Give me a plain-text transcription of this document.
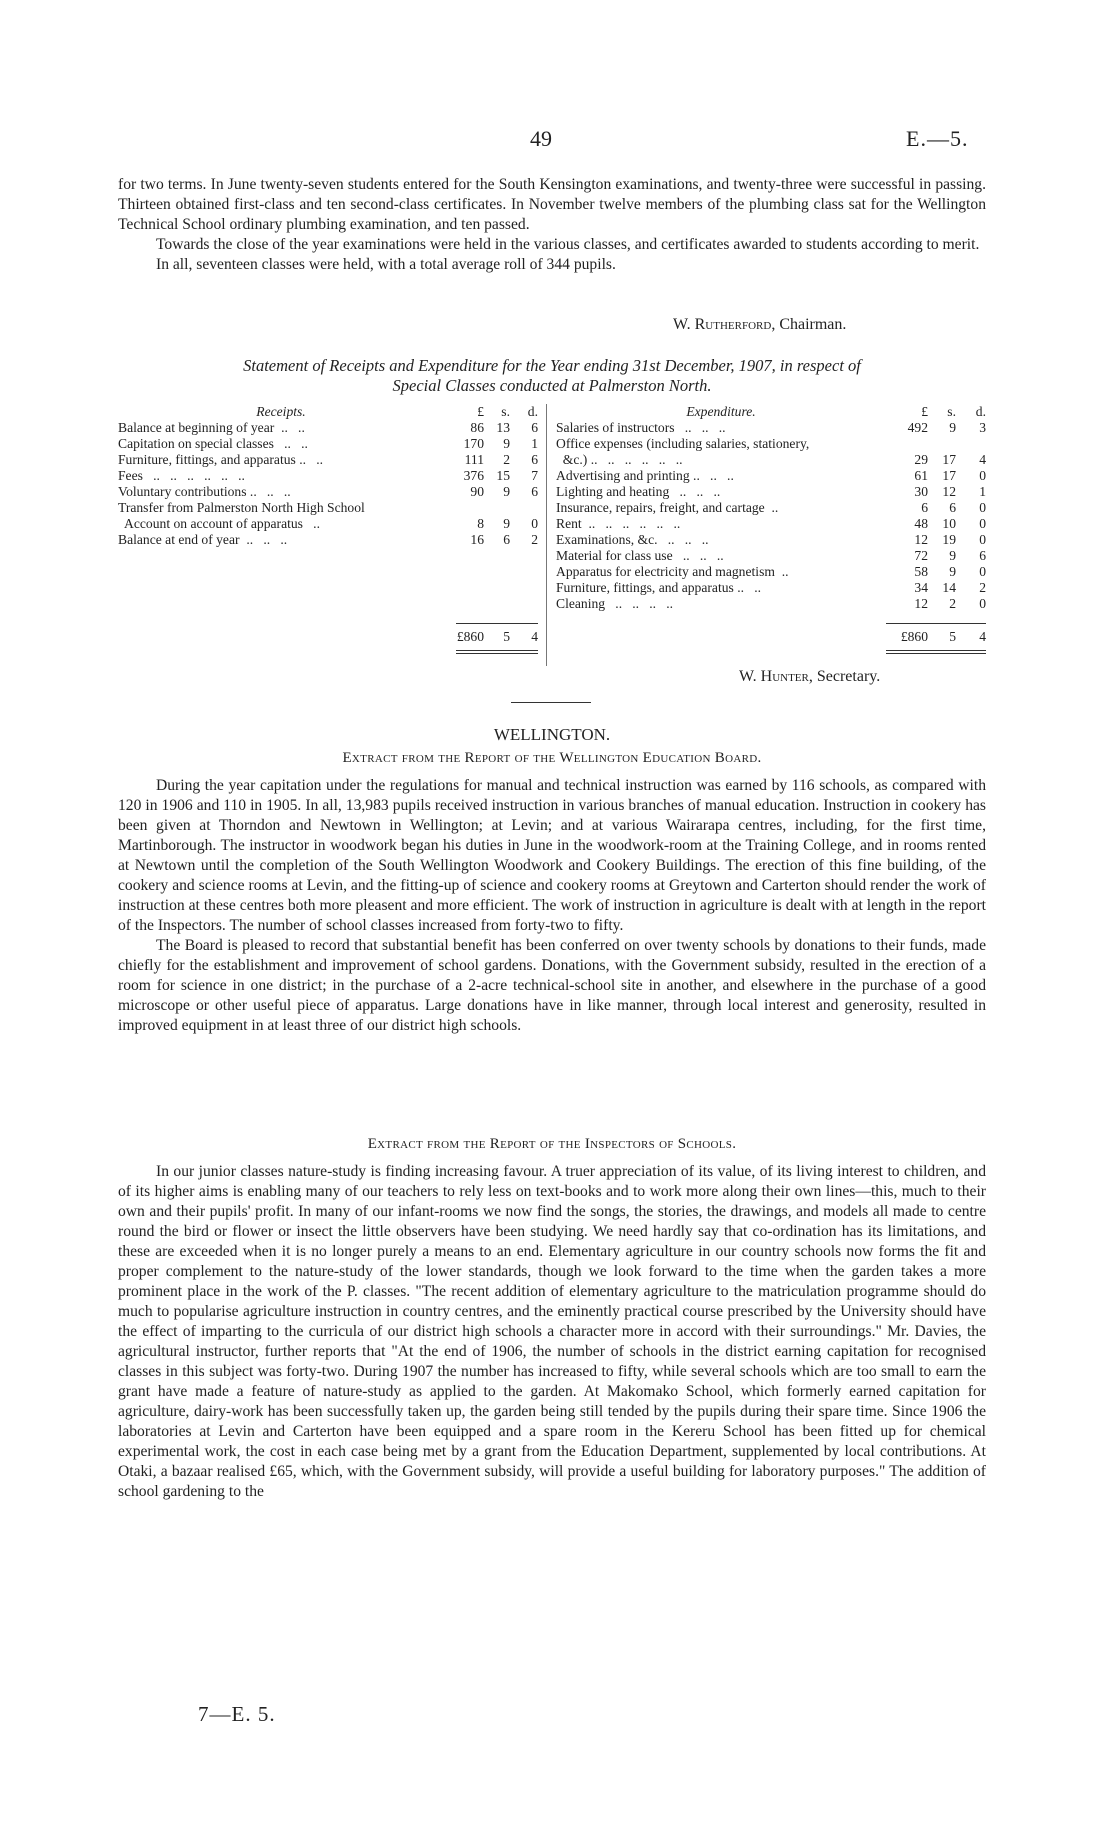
49	E.—5.

for two terms. In June twenty-seven students entered for the South Kensington examinations, and twenty-three were successful in passing. Thirteen obtained first-class and ten second-class certificates. In November twelve members of the plumbing class sat for the Wellington Technical School ordinary plumbing examination, and ten passed.

Towards the close of the year examinations were held in the various classes, and certificates awarded to students according to merit.

In all, seventeen classes were held, with a total average roll of 344 pupils.

W. Rutherford, Chairman.
Statement of Receipts and Expenditure for the Year ending 31st December, 1907, in respect of
Special Classes conducted at Palmerston North.
Receipts.	£	s.	d.
Balance at beginning of year  ..   ..	86	13	6
Capitation on special classes   ..   ..	170	9	1
Furniture, fittings, and apparatus ..   ..	111	2	6
Fees   ..   ..   ..   ..   ..   ..	376	15	7
Voluntary contributions ..   ..   ..	90	9	6
Transfer from Palmerston North High School			
Account on account of apparatus   ..	8	9	0
Balance at end of year  ..   ..   ..	16	6	2
	£860	5	4
Expenditure.	£	s.	d.
Salaries of instructors   ..   ..   ..	492	9	3
Office expenses (including salaries, stationery,			
&c.) ..   ..   ..   ..   ..   ..	29	17	4
Advertising and printing ..   ..   ..	61	17	0
Lighting and heating   ..   ..   ..	30	12	1
Insurance, repairs, freight, and cartage  ..	6	6	0
Rent  ..   ..   ..   ..   ..   ..	48	10	0
Examinations, &c.   ..   ..   ..	12	19	0
Material for class use   ..   ..   ..	72	9	6
Apparatus for electricity and magnetism  ..	58	9	0
Furniture, fittings, and apparatus ..   ..	34	14	2
Cleaning   ..   ..   ..   ..	12	2	0
	£860	5	4
W. Hunter, Secretary.
WELLINGTON.
Extract from the Report of the Wellington Education Board.

During the year capitation under the regulations for manual and technical instruction was earned by 116 schools, as compared with 120 in 1906 and 110 in 1905. In all, 13,983 pupils received instruction in various branches of manual education. Instruction in cookery has been given at Thorndon and Newtown in Wellington; at Levin; and at various Wairarapa centres, including, for the first time, Martinborough. The instructor in woodwork began his duties in June in the woodwork-room at the Training College, and in rooms rented at Newtown until the completion of the South Wellington Woodwork and Cookery Buildings. The erection of this fine building, of the cookery and science rooms at Levin, and the fitting-up of science and cookery rooms at Greytown and Carterton should render the work of instruction at these centres both more pleasent and more efficient. The work of instruction in agriculture is dealt with at length in the report of the Inspectors. The number of school classes increased from forty-two to fifty.

The Board is pleased to record that substantial benefit has been conferred on over twenty schools by donations to their funds, made chiefly for the establishment and improvement of school gardens. Donations, with the Government subsidy, resulted in the erection of a room for science in one district; in the purchase of a 2-acre technical-school site in another, and elsewhere in the purchase of a good microscope or other useful piece of apparatus. Large donations have in like manner, through local interest and generosity, resulted in improved equipment in at least three of our district high schools.

Extract from the Report of the Inspectors of Schools.

In our junior classes nature-study is finding increasing favour. A truer appreciation of its value, of its living interest to children, and of its higher aims is enabling many of our teachers to rely less on text-books and to work more along their own lines—this, much to their own and their pupils' profit. In many of our infant-rooms we now find the songs, the stories, the drawings, and models all made to centre round the bird or flower or insect the little observers have been studying. We need hardly say that co-ordination has its limitations, and these are exceeded when it is no longer purely a means to an end. Elementary agriculture in our country schools now forms the fit and proper complement to the nature-study of the lower standards, though we look forward to the time when the garden takes a more prominent place in the work of the P. classes. "The recent addition of elementary agriculture to the matriculation programme should do much to popularise agriculture instruction in country centres, and the eminently practical course prescribed by the University should have the effect of imparting to the curricula of our district high schools a character more in accord with their surroundings." Mr. Davies, the agricultural instructor, further reports that "At the end of 1906, the number of schools in the district earning capitation for recognised classes in this subject was forty-two. During 1907 the number has increased to fifty, while several schools which are too small to earn the grant have made a feature of nature-study as applied to the garden. At Makomako School, which formerly earned capitation for agriculture, dairy-work has been successfully taken up, the garden being still tended by the pupils during their spare time. Since 1906 the laboratories at Levin and Carterton have been equipped and a spare room in the Kereru School has been fitted up for chemical experimental work, the cost in each case being met by a grant from the Education Department, supplemented by local contributions. At Otaki, a bazaar realised £65, which, with the Government subsidy, will provide a useful building for laboratory purposes." The addition of school gardening to the

7—E. 5.
